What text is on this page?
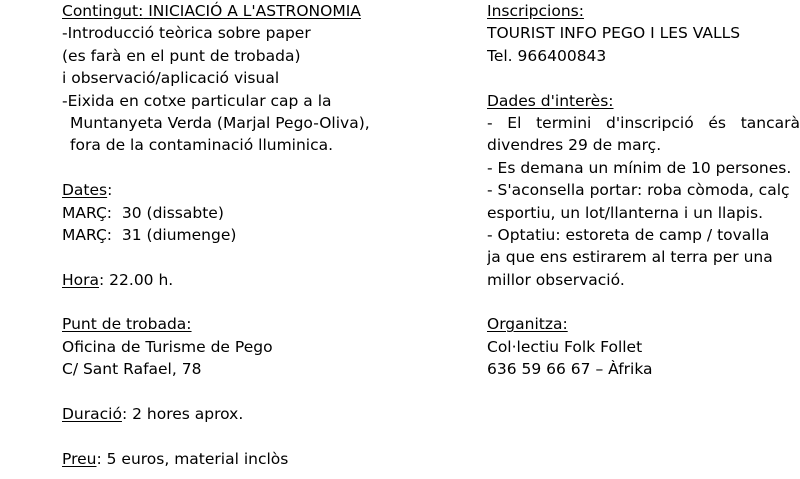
Contingut: INICIACIÓ A L'ASTRONOMIA
-Introducció teòrica sobre paper
(es farà en el punt de trobada)
i observació/aplicació visual
-Eixida en cotxe particular cap a la
Muntanyeta Verda (Marjal Pego-Oliva),
fora de la contaminació lluminica.
Dates:
MARÇ:  30 (dissabte)
MARÇ:  31 (diumenge)
Hora: 22.00 h.
Punt de trobada:
Oficina de Turisme de Pego
C/ Sant Rafael, 78
Duració: 2 hores aprox.
Preu: 5 euros, material inclòs
Inscripcions:
TOURIST INFO PEGO I LES VALLS
Tel. 966400843
Dades d'interès:
- El termini d'inscripció és tancarà
divendres 29 de març.
- Es demana un mínim de 10 persones.
- S'aconsella portar: roba còmoda, calç
esportiu, un lot/llanterna i un llapis.
- Optatiu: estoreta de camp / tovalla
ja que ens estirarem al terra per una
millor observació.
Organitza:
Col·lectiu Folk Follet
636 59 66 67 – Àfrika
